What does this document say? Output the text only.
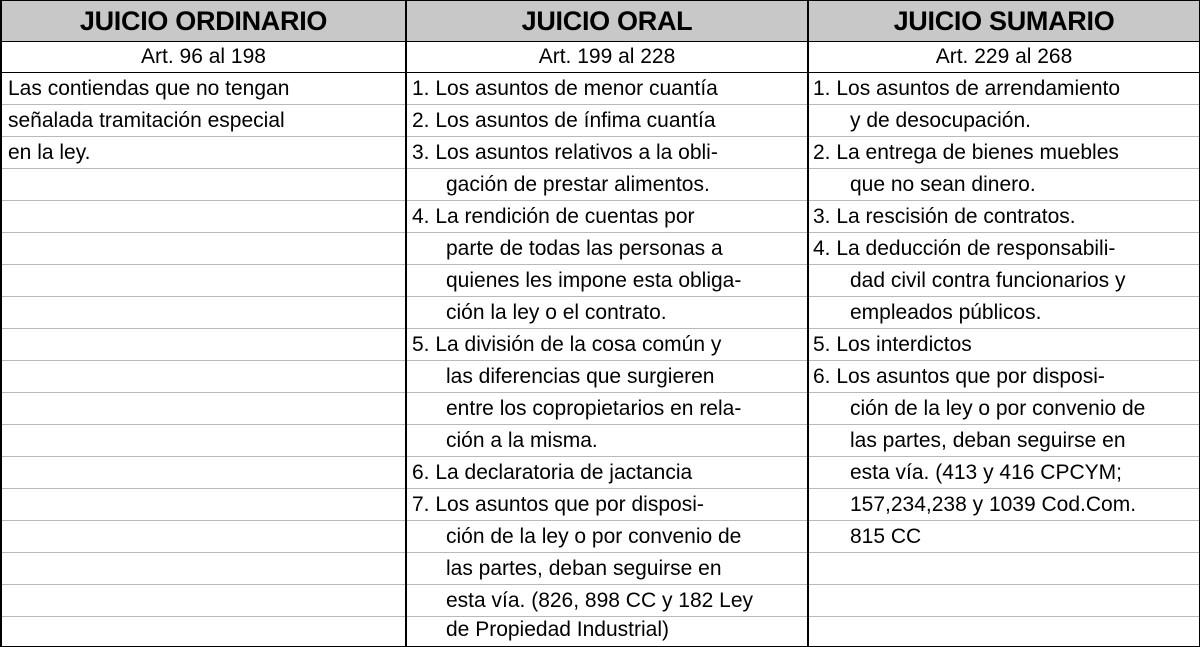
JUICIO ORDINARIO
Art. 96 al 198
JUICIO ORAL
Art. 199 al 228
JUICIO SUMARIO
Art. 229 al 268
Las contiendas que no tengan
señalada tramitación especial
en la ley.
1. Los asuntos de menor cuantía
2. Los asuntos de ínfima cuantía
3. Los asuntos relativos a la obli-
gación de prestar alimentos.
4. La rendición de cuentas por
parte de todas las personas a
quienes les impone esta obliga-
ción la ley o el contrato.
5. La división de la cosa común y
las diferencias que surgieren
entre los copropietarios en rela-
ción a la misma.
6. La declaratoria de jactancia
7. Los asuntos que por disposi-
ción de la ley o por convenio de
las partes, deban seguirse en
esta vía. (826, 898 CC y 182 Ley
de Propiedad Industrial)
1. Los asuntos de arrendamiento
y de desocupación.
2. La entrega de bienes muebles
que no sean dinero.
3. La rescisión de contratos.
4. La deducción de responsabili-
dad civil contra funcionarios y
empleados públicos.
5. Los interdictos
6. Los asuntos que por disposi-
ción de la ley o por convenio de
las partes, deban seguirse en
esta vía. (413 y 416 CPCYM;
157,234,238 y 1039 Cod.Com.
815 CC
